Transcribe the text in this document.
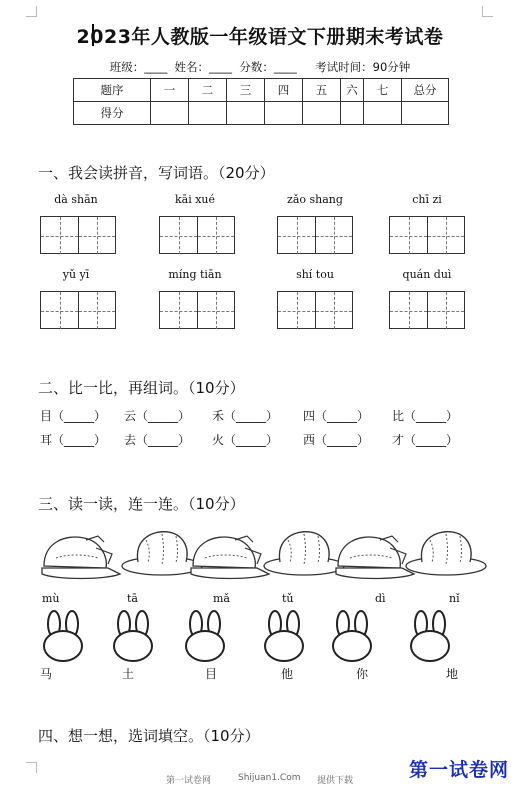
2023年人教版一年级语文下册期末考试卷
班级：____ 姓名：____ 分数：____ 考试时间：90分钟
题序	一	二	三	四	五	六	七	总分
得分								
一、我会读拼音，写词语。（20分）
dà shān	kāi xué	zǎo shang	chī zi
yǔ yī	míng tiān	shí tou	quán duì
二、比一比，再组词。（10分）
目（_____） 云（_____） 禾（_____） 四（_____） 比（_____）
耳（_____） 去（_____） 火（_____） 西（_____） 才（_____）
三、读一读，连一连。（10分）
mù	tā	mǎ	tǔ	dì	nǐ
马	土	目	他	你	地
四、想一想，选词填空。（10分）
第一试卷网	Shijuan1.Com 提供下载	第一试卷网
